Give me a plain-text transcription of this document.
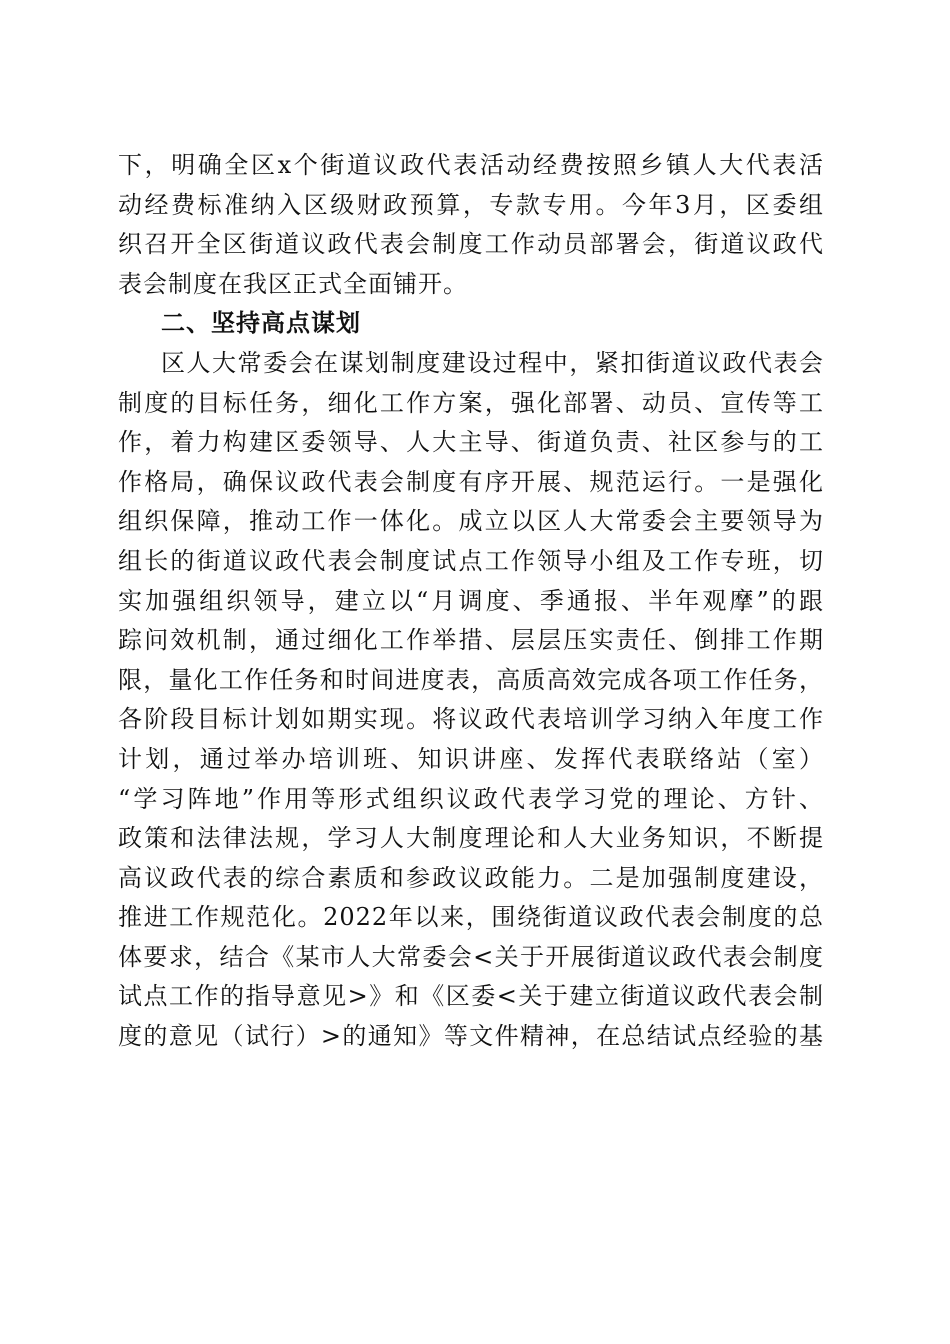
下，明确全区x个街道议政代表活动经费按照乡镇人大代表活
动经费标准纳入区级财政预算，专款专用。今年3月，区委组
织召开全区街道议政代表会制度工作动员部署会，街道议政代
表会制度在我区正式全面铺开。
二、坚持高点谋划
区人大常委会在谋划制度建设过程中，紧扣街道议政代表会
制度的目标任务，细化工作方案，强化部署、动员、宣传等工
作，着力构建区委领导、人大主导、街道负责、社区参与的工
作格局，确保议政代表会制度有序开展、规范运行。一是强化
组织保障，推动工作一体化。成立以区人大常委会主要领导为
组长的街道议政代表会制度试点工作领导小组及工作专班，切
实加强组织领导，建立以“月调度、季通报、半年观摩”的跟
踪问效机制，通过细化工作举措、层层压实责任、倒排工作期
限，量化工作任务和时间进度表，高质高效完成各项工作任务，
各阶段目标计划如期实现。将议政代表培训学习纳入年度工作
计划，通过举办培训班、知识讲座、发挥代表联络站（室）
“学习阵地”作用等形式组织议政代表学习党的理论、方针、
政策和法律法规，学习人大制度理论和人大业务知识，不断提
高议政代表的综合素质和参政议政能力。二是加强制度建设，
推进工作规范化。2022年以来，围绕街道议政代表会制度的总
体要求，结合《某市人大常委会<关于开展街道议政代表会制度
试点工作的指导意见>》和《区委<关于建立街道议政代表会制
度的意见（试行）>的通知》等文件精神，在总结试点经验的基
